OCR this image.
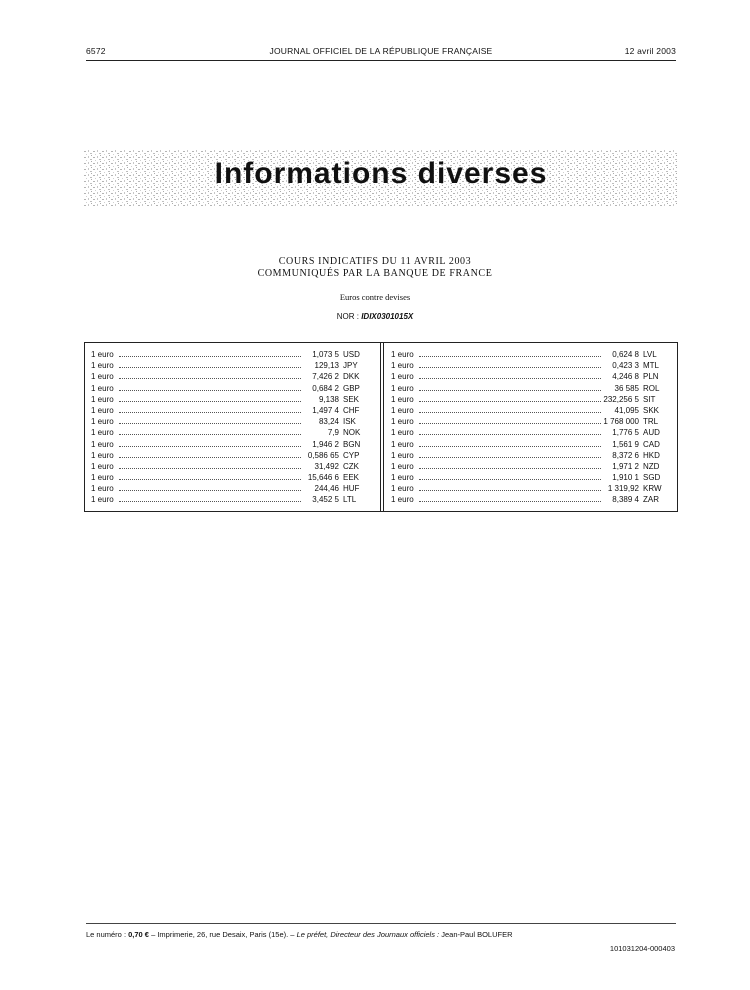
6572	JOURNAL OFFICIEL DE LA RÉPUBLIQUE FRANÇAISE	12 avril 2003
Informations diverses
COURS INDICATIFS DU 11 AVRIL 2003
COMMUNIQUÉS PAR LA BANQUE DE FRANCE
Euros contre devises
NOR : IDIX0301015X
1 euro	1,073 5 USD
1 euro	129,13 JPY
1 euro	7,426 2 DKK
1 euro	0,684 2 GBP
1 euro	9,138 SEK
1 euro	1,497 4 CHF
1 euro	83,24 ISK
1 euro	7,9 NOK
1 euro	1,946 2 BGN
1 euro	0,586 65 CYP
1 euro	31,492 CZK
1 euro	15,646 6 EEK
1 euro	244,46 HUF
1 euro	3,452 5 LTL
1 euro	0,624 8 LVL
1 euro	0,423 3 MTL
1 euro	4,246 8 PLN
1 euro	36 585 ROL
1 euro	232,256 5 SIT
1 euro	41,095 SKK
1 euro	1 768 000 TRL
1 euro	1,776 5 AUD
1 euro	1,561 9 CAD
1 euro	8,372 6 HKD
1 euro	1,971 2 NZD
1 euro	1,910 1 SGD
1 euro	1 319,92 KRW
1 euro	8,389 4 ZAR
Le numéro : 0,70 € – Imprimerie, 26, rue Desaix, Paris (15e). – Le préfet, Directeur des Journaux officiels : Jean-Paul BOLUFER
101031204-000403
